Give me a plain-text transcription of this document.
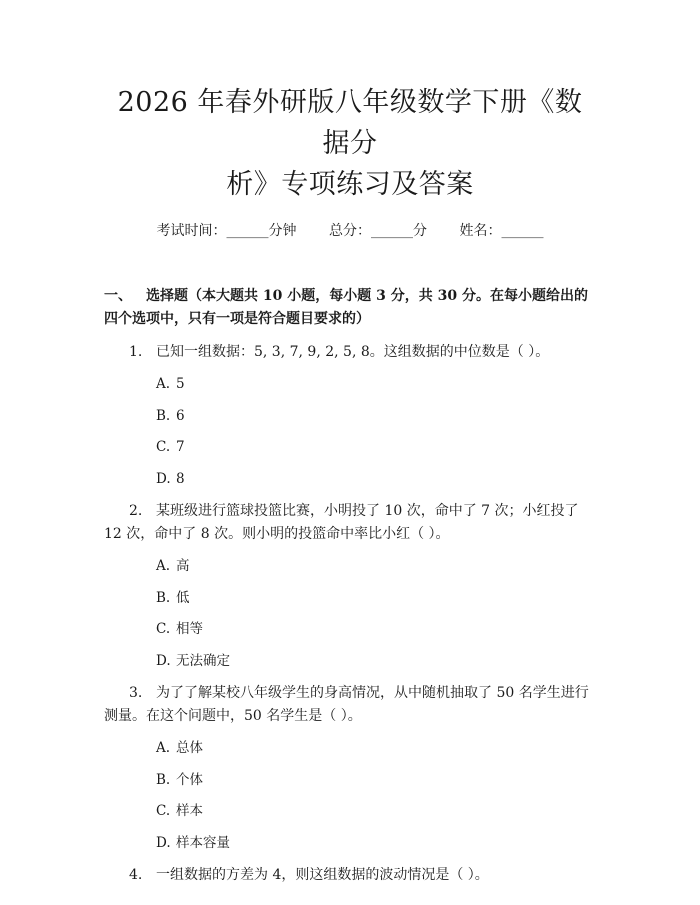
2026 年春外研版八年级数学下册《数据分
析》专项练习及答案
考试时间：______分钟 总分：______分 姓名：______
一、 选择题（本大题共 10 小题，每小题 3 分，共 30 分。在每小题给出的四个选项中，只有一项是符合题目要求的）
1. 已知一组数据：5, 3, 7, 9, 2, 5, 8。这组数据的中位数是（ ）。
A. 5
B. 6
C. 7
D. 8
2. 某班级进行篮球投篮比赛，小明投了 10 次，命中了 7 次；小红投了 12 次，命中了 8 次。则小明的投篮命中率比小红（ ）。
A. 高
B. 低
C. 相等
D. 无法确定
3. 为了了解某校八年级学生的身高情况，从中随机抽取了 50 名学生进行测量。在这个问题中，50 名学生是（ ）。
A. 总体
B. 个体
C. 样本
D. 样本容量
4. 一组数据的方差为 4，则这组数据的波动情况是（ ）。
